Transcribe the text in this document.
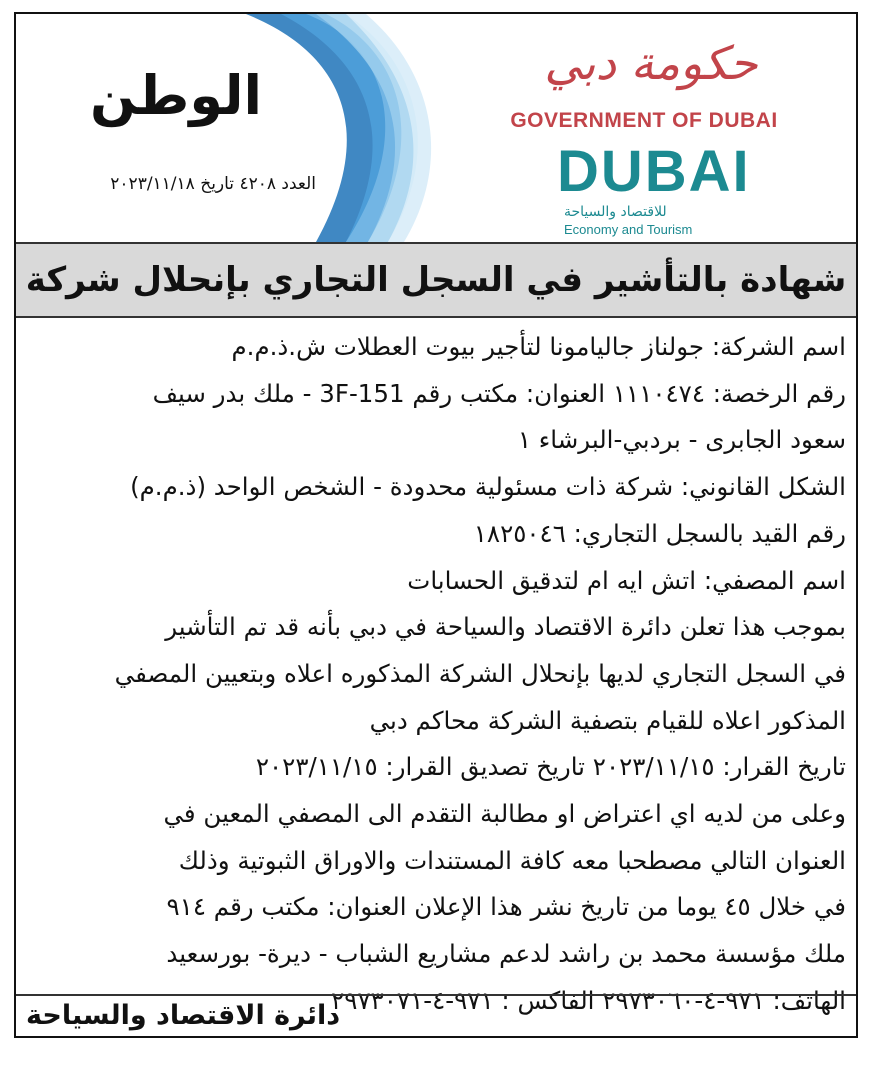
الوطن
العدد ٤٢٠٨ تاريخ ٢٠٢٣/١١/١٨
حكومة دبي
GOVERNMENT OF DUBAI
DUBAI
للاقتصاد والسياحة
Economy and Tourism
شهادة بالتأشير في السجل التجاري بإنحلال شركة
اسم الشركة: جولناز جاليامونا لتأجير بيوت العطلات ش.ذ.م.م
رقم الرخصة: ١١١٠٤٧٤ العنوان: مكتب رقم 151-3F - ملك بدر سيف
سعود الجابرى - بردبي-البرشاء ١
الشكل القانوني: شركة ذات مسئولية محدودة - الشخص الواحد (ذ.م.م)
رقم القيد بالسجل التجاري: ١٨٢٥٠٤٦
اسم المصفي: اتش ايه ام لتدقيق الحسابات
بموجب هذا تعلن دائرة الاقتصاد والسياحة في دبي بأنه قد تم التأشير
في السجل التجاري لديها بإنحلال الشركة المذكوره اعلاه وبتعيين المصفي
المذكور اعلاه للقيام بتصفية الشركة محاكم دبي
تاريخ القرار: ٢٠٢٣/١١/١٥ تاريخ تصديق القرار: ٢٠٢٣/١١/١٥
وعلى من لديه اي اعتراض او مطالبة التقدم الى المصفي المعين في
العنوان التالي مصطحبا معه كافة المستندات والاوراق الثبوتية وذلك
في خلال ٤٥ يوما من تاريخ نشر هذا الإعلان العنوان: مكتب رقم ٩١٤
ملك مؤسسة محمد بن راشد لدعم مشاريع الشباب - ديرة- بورسعيد
الهاتف: ٩٧١-٤-٢٩٧٣٠٦٠ الفاكس : ٩٧١-٤-٢٩٧٣٠٧١
دائرة الاقتصاد والسياحة
